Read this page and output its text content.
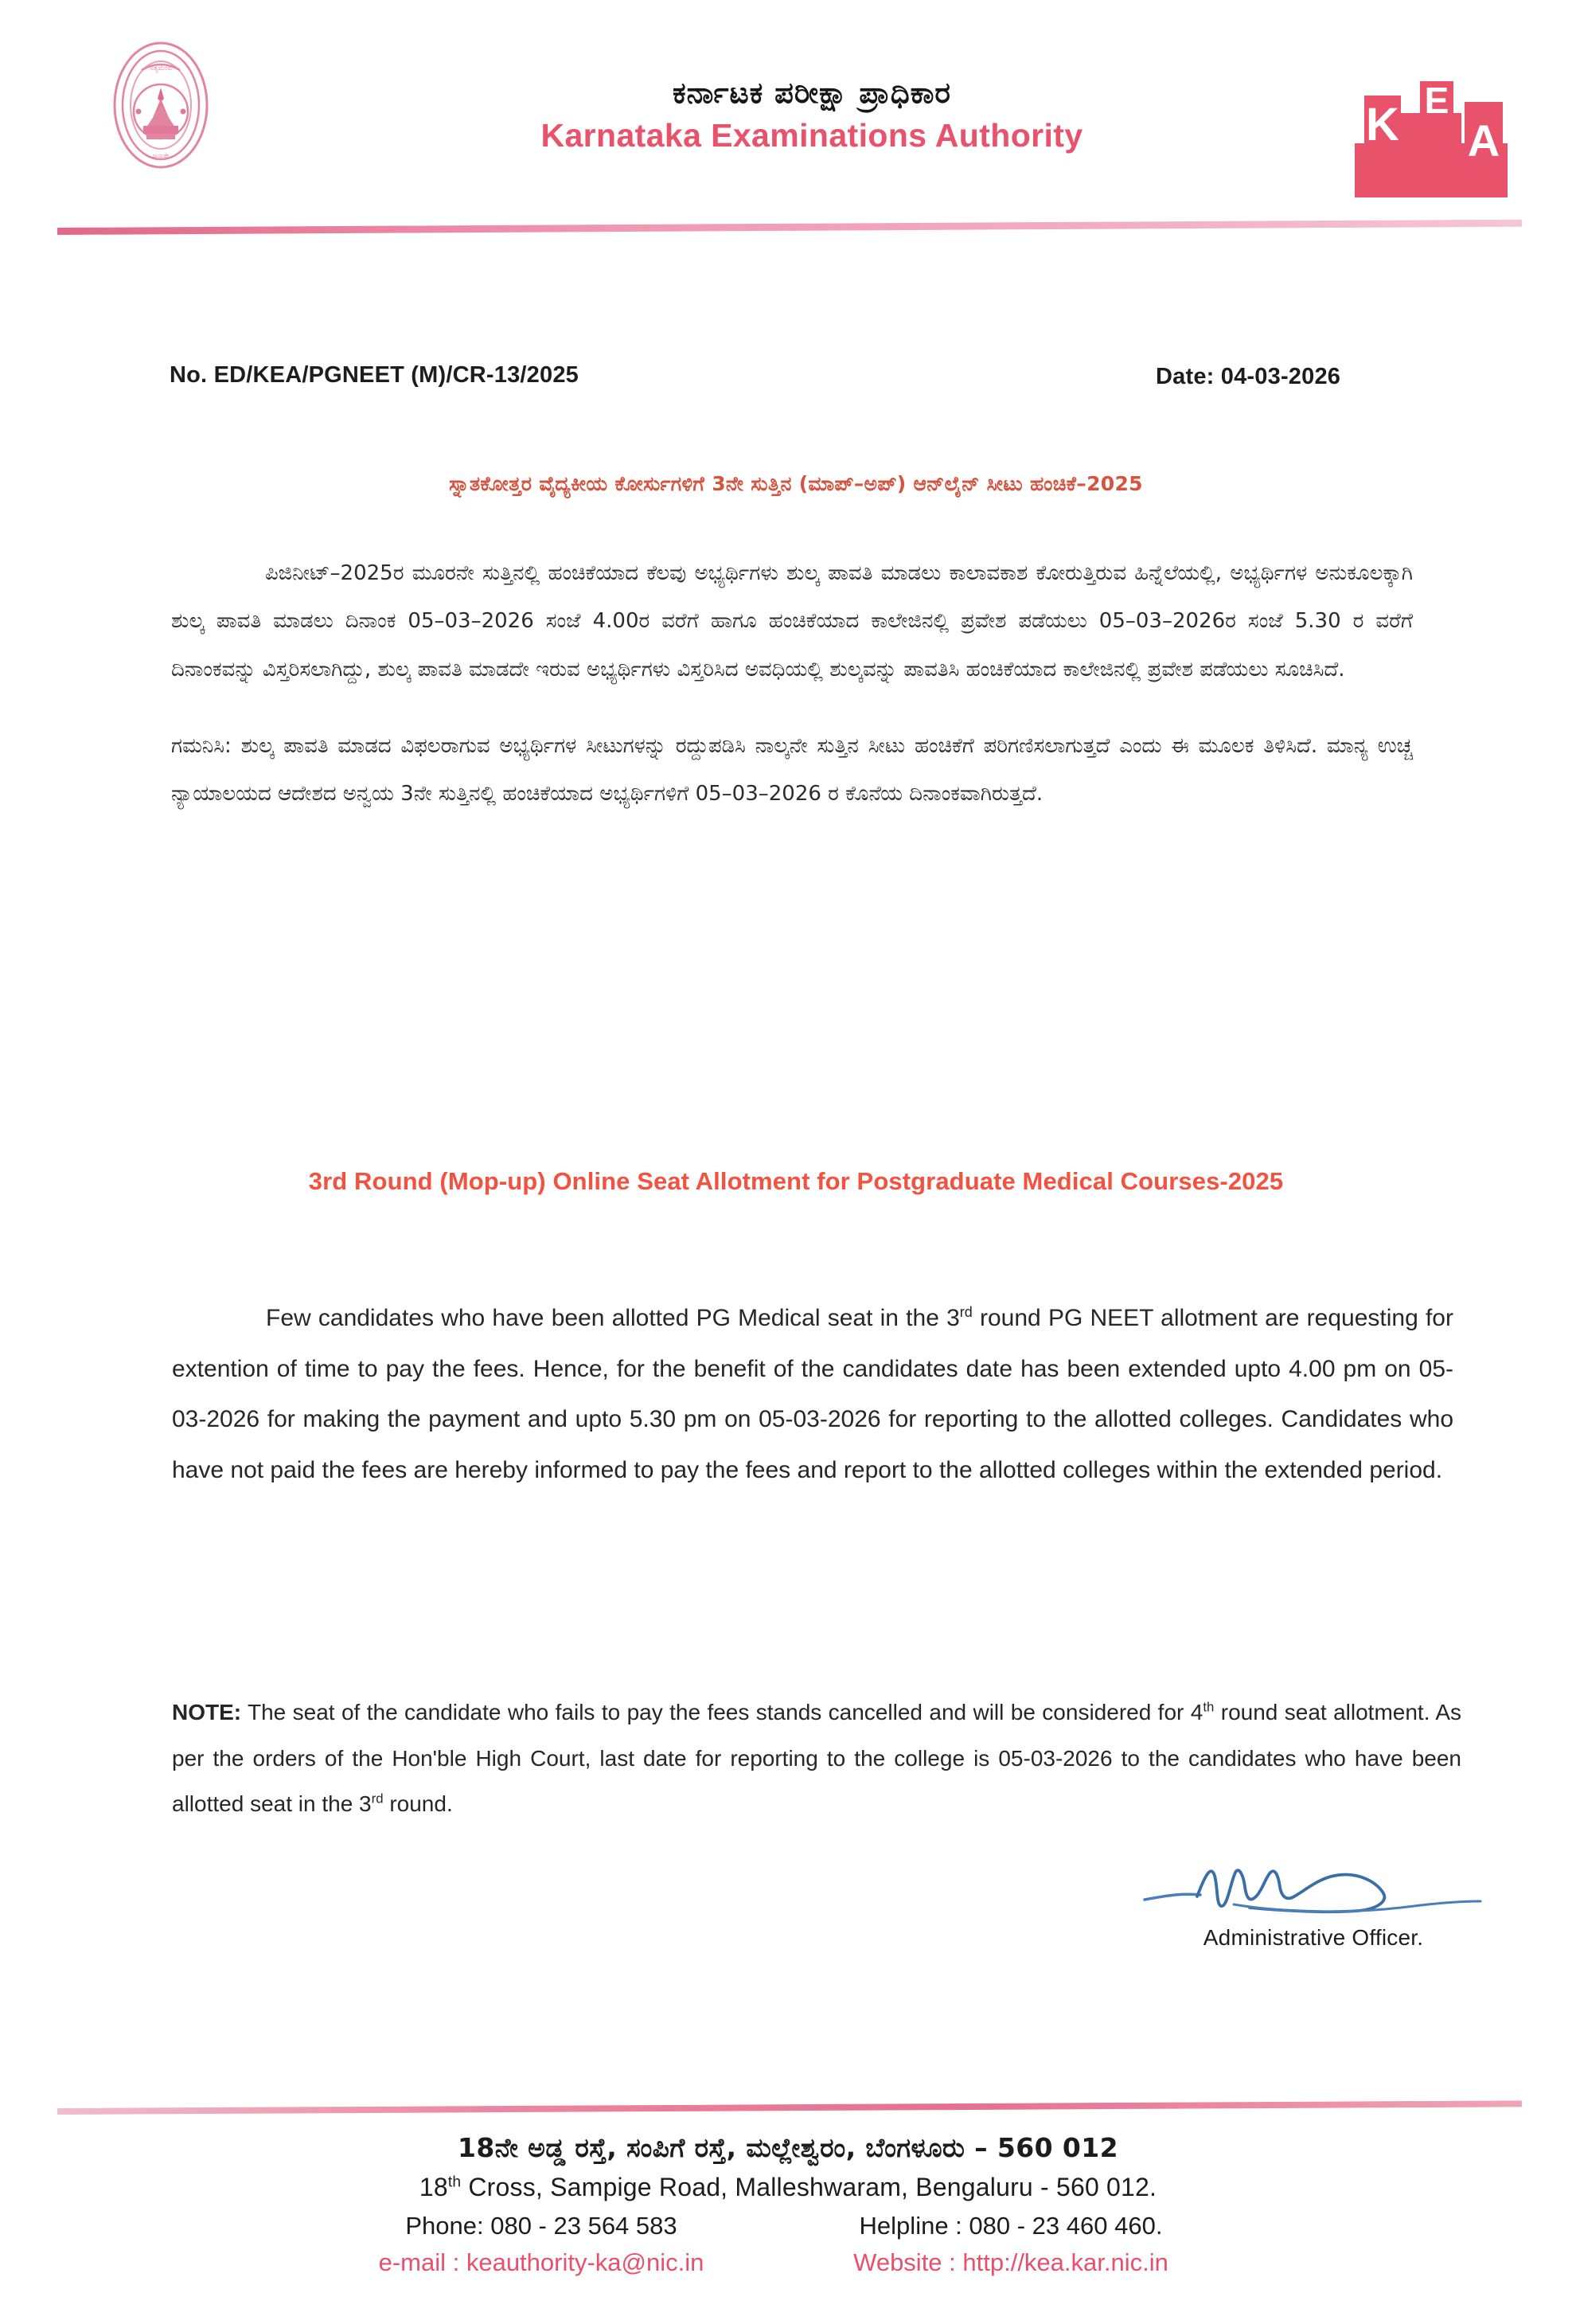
ಸತ್ಯಮೇವ
ಜಯತೇ
ಕರ್ನಾಟಕ ಪರೀಕ್ಷಾ ಪ್ರಾಧಿಕಾರ
Karnataka Examinations Authority	K E
A
No. ED/KEA/PGNEET (M)/CR-13/2025	Date: 04-03-2026
ಸ್ನಾತಕೋತ್ತರ ವೈದ್ಯಕೀಯ ಕೋರ್ಸುಗಳಿಗೆ 3ನೇ ಸುತ್ತಿನ (ಮಾಪ್‌–ಅಪ್‌) ಆನ್‌ಲೈನ್‌ ಸೀಟು ಹಂಚಿಕೆ–2025

ಪಿಜಿನೀಟ್‌–2025ರ ಮೂರನೇ ಸುತ್ತಿನಲ್ಲಿ ಹಂಚಿಕೆಯಾದ ಕೆಲವು ಅಭ್ಯರ್ಥಿಗಳು ಶುಲ್ಕ ಪಾವತಿ ಮಾಡಲು ಕಾಲಾವಕಾಶ ಕೋರುತ್ತಿರುವ ಹಿನ್ನೆಲೆಯಲ್ಲಿ, ಅಭ್ಯರ್ಥಿಗಳ ಅನುಕೂಲಕ್ಕಾಗಿ ಶುಲ್ಕ ಪಾವತಿ ಮಾಡಲು ದಿನಾಂಕ 05–03–2026 ಸಂಜೆ 4.00ರ ವರೆಗೆ ಹಾಗೂ ಹಂಚಿಕೆಯಾದ ಕಾಲೇಜಿನಲ್ಲಿ ಪ್ರವೇಶ ಪಡೆಯಲು 05–03–2026ರ ಸಂಜೆ 5.30 ರ ವರೆಗೆ ದಿನಾಂಕವನ್ನು ವಿಸ್ತರಿಸಲಾಗಿದ್ದು, ಶುಲ್ಕ ಪಾವತಿ ಮಾಡದೇ ಇರುವ ಅಭ್ಯರ್ಥಿಗಳು ವಿಸ್ತರಿಸಿದ ಅವಧಿಯಲ್ಲಿ ಶುಲ್ಕವನ್ನು ಪಾವತಿಸಿ ಹಂಚಿಕೆಯಾದ ಕಾಲೇಜಿನಲ್ಲಿ ಪ್ರವೇಶ ಪಡೆಯಲು ಸೂಚಿಸಿದೆ.

ಗಮನಿಸಿ: ಶುಲ್ಕ ಪಾವತಿ ಮಾಡದ ವಿಫಲರಾಗುವ ಅಭ್ಯರ್ಥಿಗಳ ಸೀಟುಗಳನ್ನು ರದ್ದುಪಡಿಸಿ ನಾಲ್ಕನೇ ಸುತ್ತಿನ ಸೀಟು ಹಂಚಿಕೆಗೆ ಪರಿಗಣಿಸಲಾಗುತ್ತದೆ ಎಂದು ಈ ಮೂಲಕ ತಿಳಿಸಿದೆ. ಮಾನ್ಯ ಉಚ್ಚ ನ್ಯಾಯಾಲಯದ ಆದೇಶದ ಅನ್ವಯ 3ನೇ ಸುತ್ತಿನಲ್ಲಿ ಹಂಚಿಕೆಯಾದ ಅಭ್ಯರ್ಥಿಗಳಿಗೆ 05–03–2026 ರ ಕೊನೆಯ ದಿನಾಂಕವಾಗಿರುತ್ತದೆ.

3rd Round (Mop-up) Online Seat Allotment for Postgraduate Medical Courses-2025

Few candidates who have been allotted PG Medical seat in the 3rd round PG NEET allotment are requesting for extention of time to pay the fees. Hence, for the benefit of the candidates date has been extended upto 4.00 pm on 05-03-2026 for making the payment and upto 5.30 pm on 05-03-2026 for reporting to the allotted colleges. Candidates who have not paid the fees are hereby informed to pay the fees and report to the allotted colleges within the extended period.

NOTE: The seat of the candidate who fails to pay the fees stands cancelled and will be considered for 4th round seat allotment. As per the orders of the Hon'ble High Court, last date for reporting to the college is 05-03-2026 to the candidates who have been allotted seat in the 3rd round.

Administrative Officer.
18ನೇ ಅಡ್ಡ ರಸ್ತೆ, ಸಂಪಿಗೆ ರಸ್ತೆ, ಮಲ್ಲೇಶ್ವರಂ, ಬೆಂಗಳೂರು – 560 012
18th Cross, Sampige Road, Malleshwaram, Bengaluru - 560 012.
Phone: 080 - 23 564 583	Helpline : 080 - 23 460 460.
e-mail : keauthority-ka@nic.in	Website : http://kea.kar.nic.in
